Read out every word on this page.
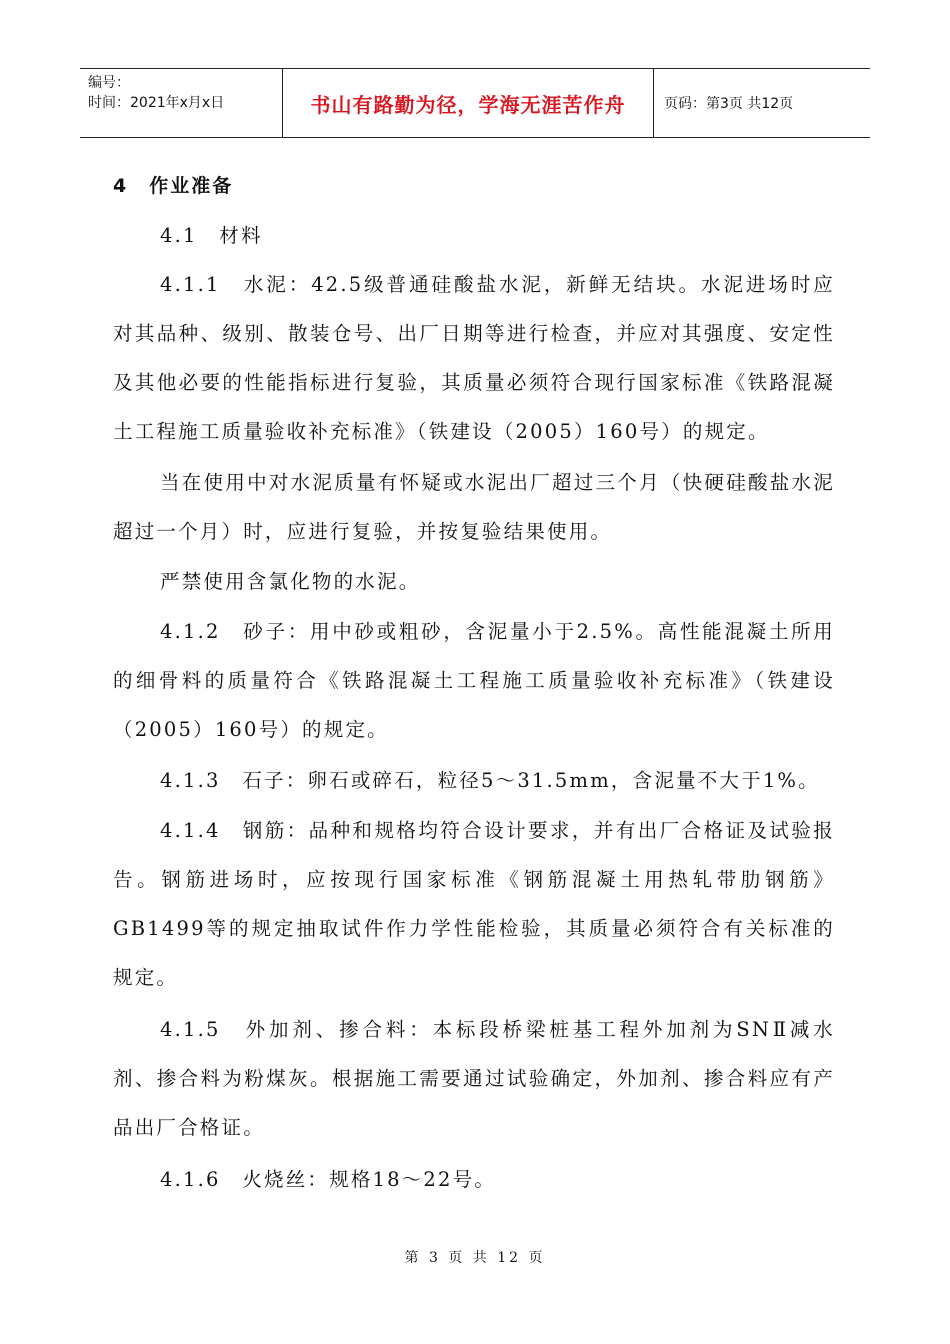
编号：
时间：2021年x月x日	书山有路勤为径，学海无涯苦作舟	页码：第3页 共12页

4　作业准备

4.1　材料

4.1.1　水泥：42.5级普通硅酸盐水泥，新鲜无结块。水泥进场时应对其品种、级别、散装仓号、出厂日期等进行检查，并应对其强度、安定性及其他必要的性能指标进行复验，其质量必须符合现行国家标准《铁路混凝土工程施工质量验收补充标准》（铁建设（2005）160号）的规定。

当在使用中对水泥质量有怀疑或水泥出厂超过三个月（快硬硅酸盐水泥超过一个月）时，应进行复验，并按复验结果使用。

严禁使用含氯化物的水泥。

4.1.2　砂子：用中砂或粗砂，含泥量小于2.5%。高性能混凝土所用的细骨料的质量符合《铁路混凝土工程施工质量验收补充标准》（铁建设（2005）160号）的规定。

4.1.3　石子：卵石或碎石，粒径5～31.5mm，含泥量不大于1%。

4.1.4　钢筋：品种和规格均符合设计要求，并有出厂合格证及试验报告。钢筋进场时，应按现行国家标准《钢筋混凝土用热轧带肋钢筋》GB1499等的规定抽取试件作力学性能检验，其质量必须符合有关标准的规定。

4.1.5　外加剂、掺合料：本标段桥梁桩基工程外加剂为SNⅡ减水剂、掺合料为粉煤灰。根据施工需要通过试验确定，外加剂、掺合料应有产品出厂合格证。

4.1.6　火烧丝：规格18～22号。

第 3 页 共 12 页
